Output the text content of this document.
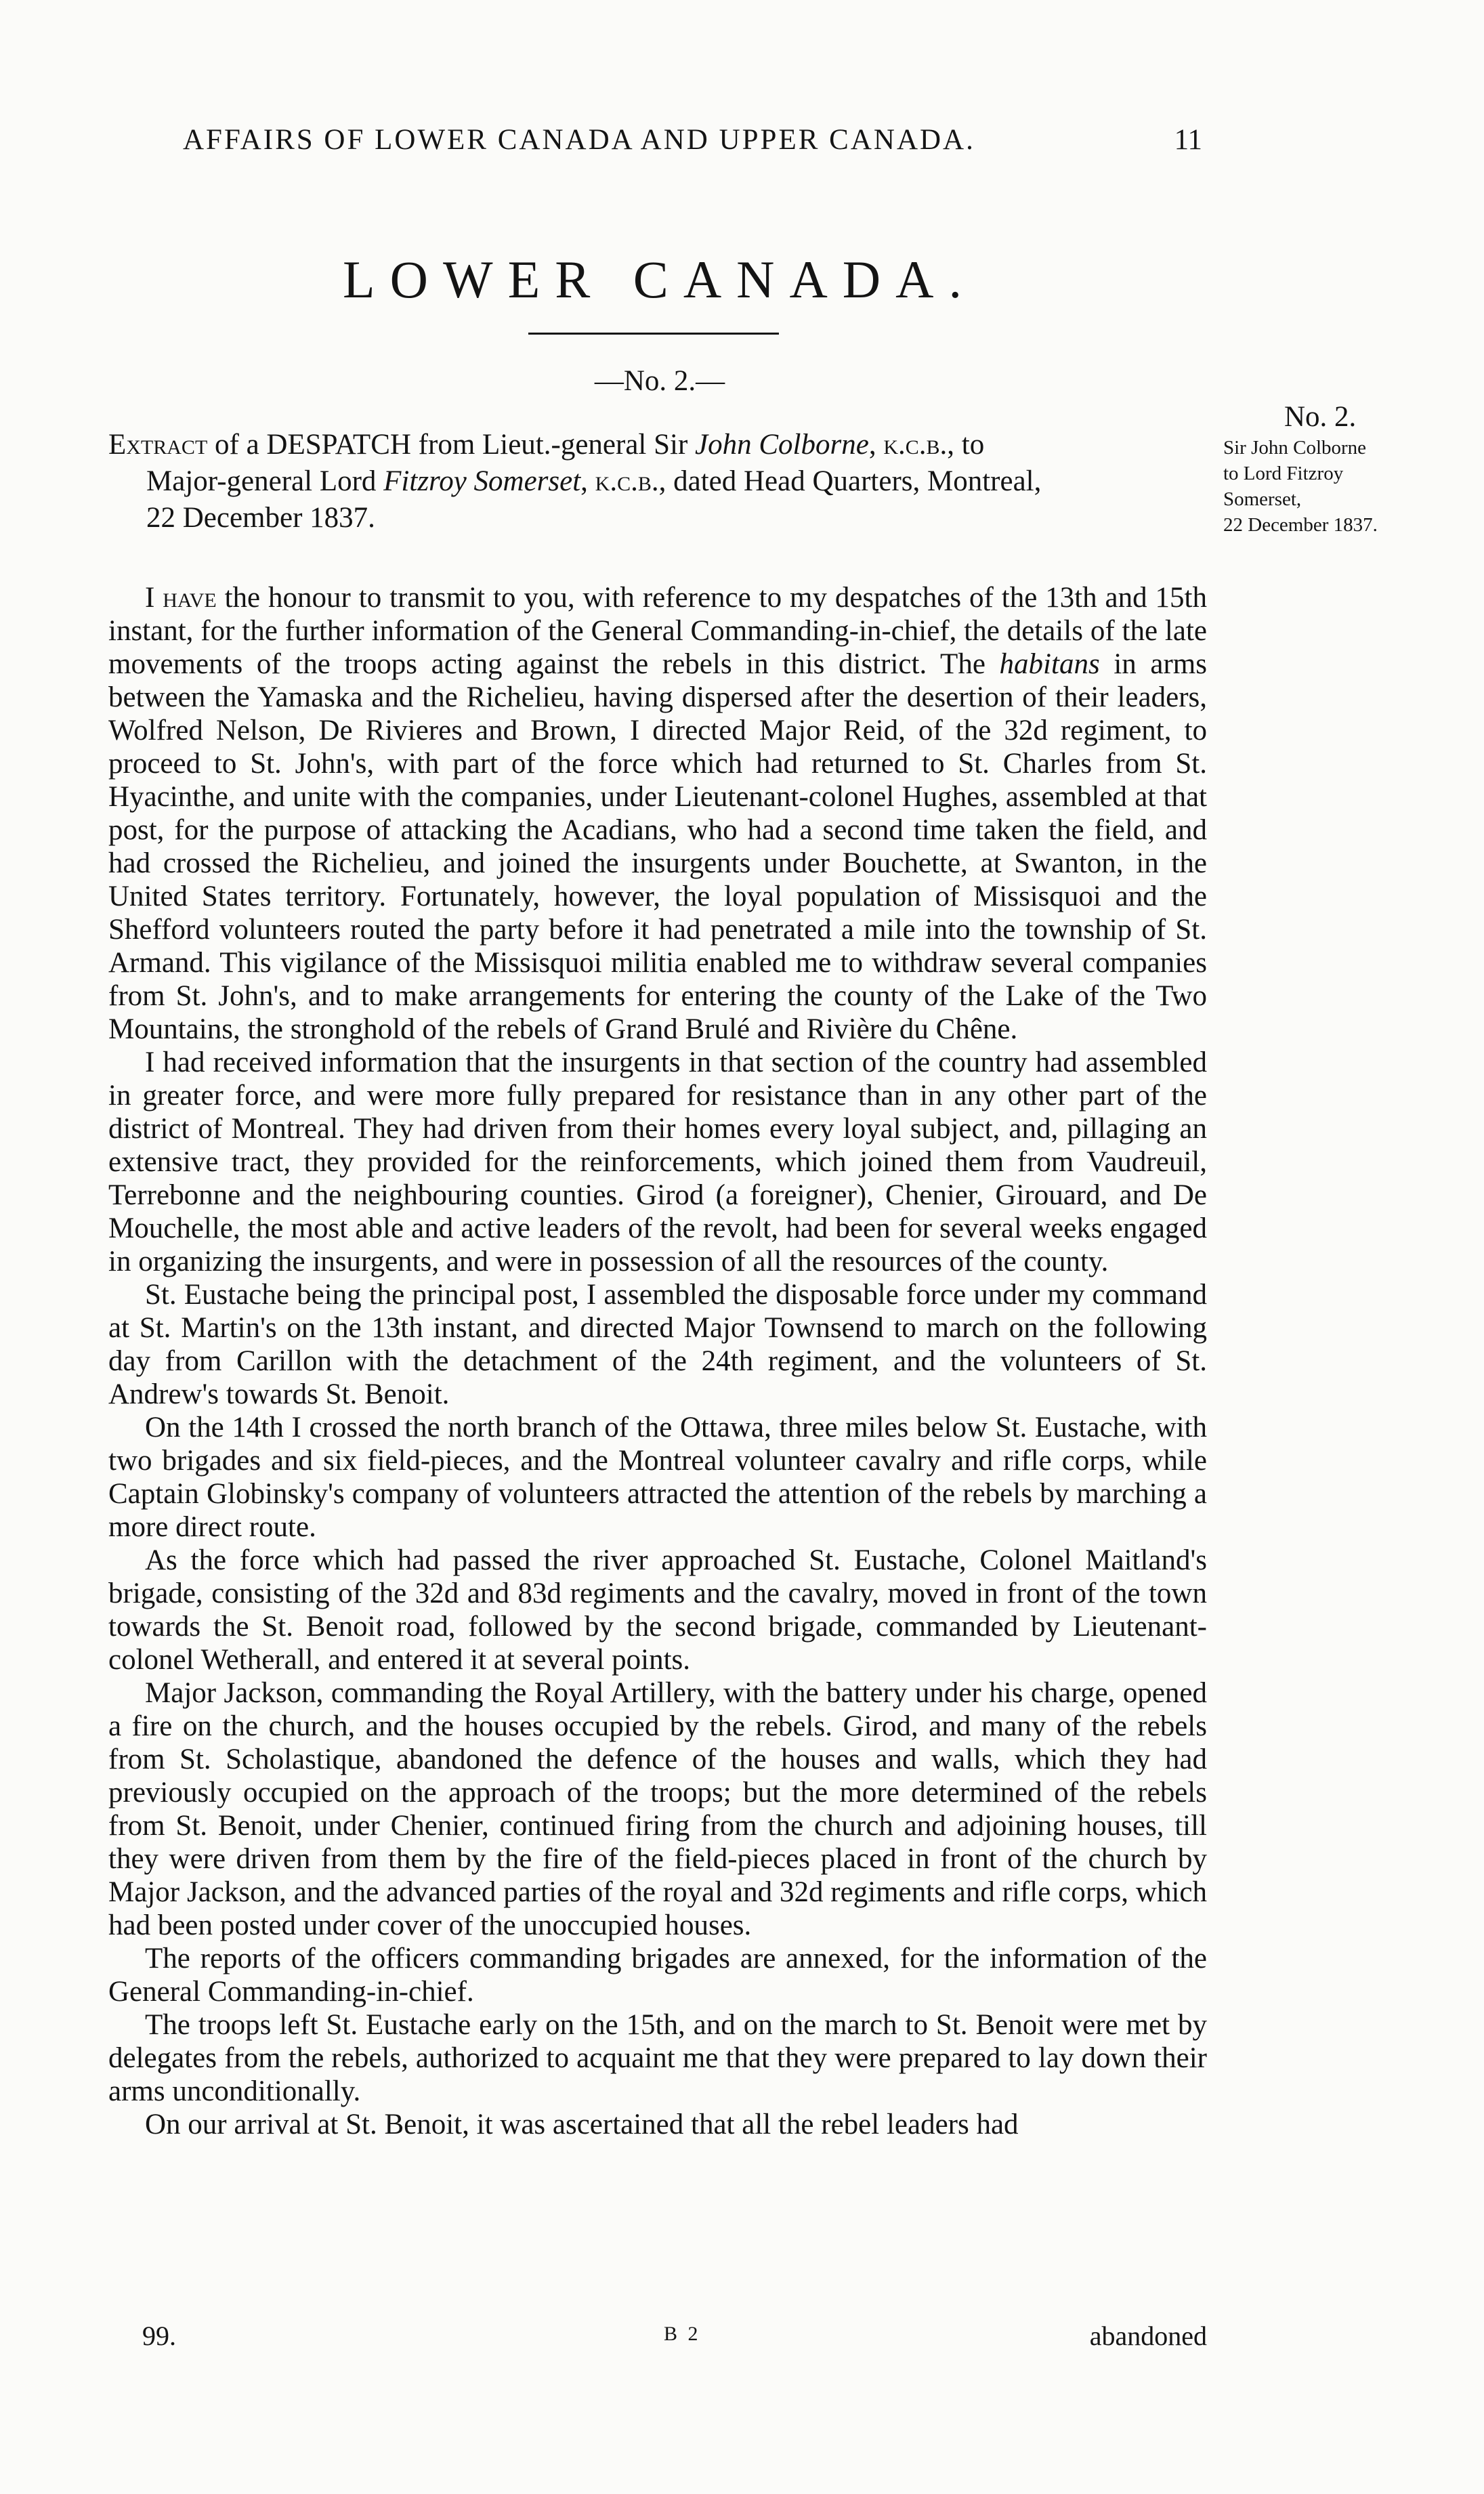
AFFAIRS OF LOWER CANADA AND UPPER CANADA.	11
LOWER CANADA.
—No. 2.—
No. 2.
Sir John Colborne
to Lord Fitzroy
Somerset,
22 December 1837.
Extract of a DESPATCH from Lieut.-general Sir John Colborne, k.c.b., to
Major-general Lord Fitzroy Somerset, k.c.b., dated Head Quarters, Montreal,
22 December 1837.

I have the honour to transmit to you, with reference to my despatches of the 13th and 15th instant, for the further information of the General Commanding-in-chief, the details of the late movements of the troops acting against the rebels in this district. The habitans in arms between the Yamaska and the Richelieu, having dispersed after the desertion of their leaders, Wolfred Nelson, De Rivieres and Brown, I directed Major Reid, of the 32d regiment, to proceed to St. John's, with part of the force which had returned to St. Charles from St. Hyacinthe, and unite with the companies, under Lieutenant-colonel Hughes, assembled at that post, for the purpose of attacking the Acadians, who had a second time taken the field, and had crossed the Richelieu, and joined the insurgents under Bouchette, at Swanton, in the United States territory. Fortunately, however, the loyal population of Missisquoi and the Shefford volunteers routed the party before it had penetrated a mile into the township of St. Armand. This vigilance of the Missisquoi militia enabled me to withdraw several companies from St. John's, and to make arrangements for entering the county of the Lake of the Two Mountains, the stronghold of the rebels of Grand Brulé and Rivière du Chêne.

I had received information that the insurgents in that section of the country had assembled in greater force, and were more fully prepared for resistance than in any other part of the district of Montreal. They had driven from their homes every loyal subject, and, pillaging an extensive tract, they provided for the reinforcements, which joined them from Vaudreuil, Terrebonne and the neighbouring counties. Girod (a foreigner), Chenier, Girouard, and De Mouchelle, the most able and active leaders of the revolt, had been for several weeks engaged in organizing the insurgents, and were in possession of all the resources of the county.

St. Eustache being the principal post, I assembled the disposable force under my command at St. Martin's on the 13th instant, and directed Major Townsend to march on the following day from Carillon with the detachment of the 24th regiment, and the volunteers of St. Andrew's towards St. Benoit.

On the 14th I crossed the north branch of the Ottawa, three miles below St. Eustache, with two brigades and six field-pieces, and the Montreal volunteer cavalry and rifle corps, while Captain Globinsky's company of volunteers attracted the attention of the rebels by marching a more direct route.

As the force which had passed the river approached St. Eustache, Colonel Maitland's brigade, consisting of the 32d and 83d regiments and the cavalry, moved in front of the town towards the St. Benoit road, followed by the second brigade, commanded by Lieutenant-colonel Wetherall, and entered it at several points.

Major Jackson, commanding the Royal Artillery, with the battery under his charge, opened a fire on the church, and the houses occupied by the rebels. Girod, and many of the rebels from St. Scholastique, abandoned the defence of the houses and walls, which they had previously occupied on the approach of the troops; but the more determined of the rebels from St. Benoit, under Chenier, continued firing from the church and adjoining houses, till they were driven from them by the fire of the field-pieces placed in front of the church by Major Jackson, and the advanced parties of the royal and 32d regiments and rifle corps, which had been posted under cover of the unoccupied houses.

The reports of the officers commanding brigades are annexed, for the information of the General Commanding-in-chief.

The troops left St. Eustache early on the 15th, and on the march to St. Benoit were met by delegates from the rebels, authorized to acquaint me that they were prepared to lay down their arms unconditionally.

On our arrival at St. Benoit, it was ascertained that all the rebel leaders had

99.	B 2	abandoned
